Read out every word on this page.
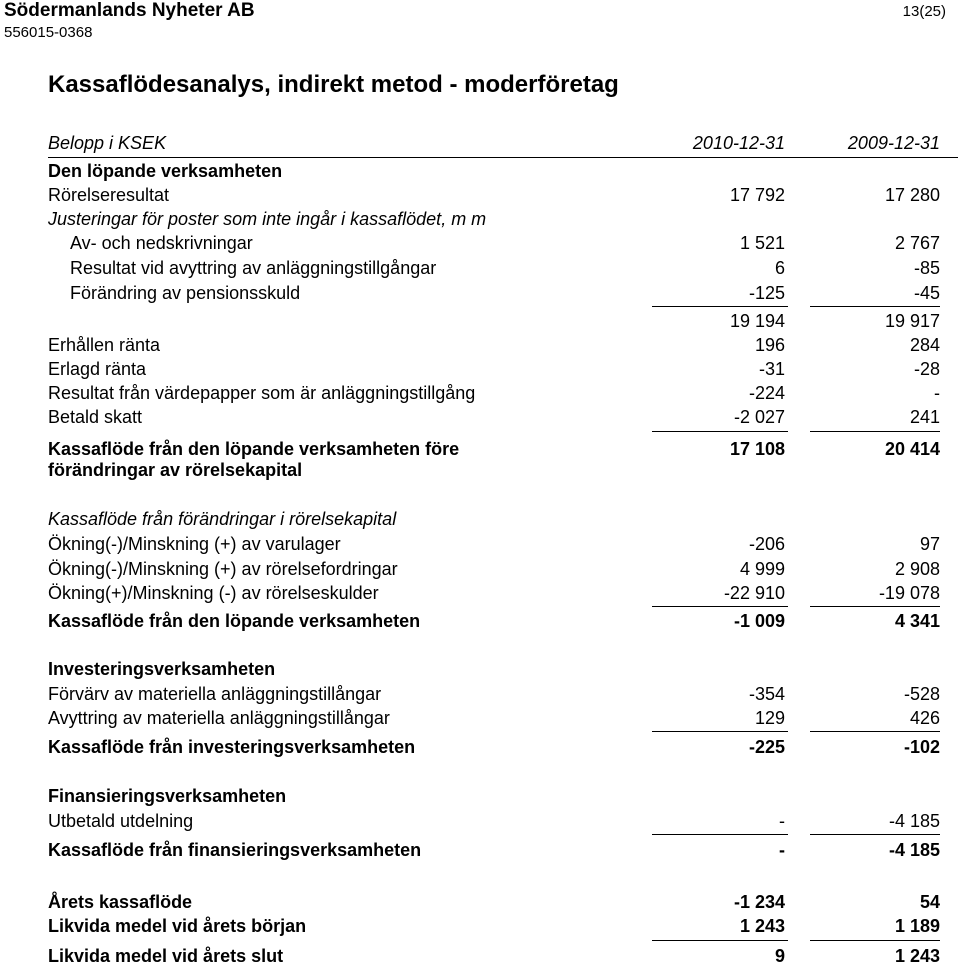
Södermanlands Nyheter AB
556015-0368
13(25)
Kassaflödesanalys, indirekt metod - moderföretag
Belopp i KSEK	2010-12-31	2009-12-31
Den löpande verksamheten
Rörelseresultat	17 792	17 280
Justeringar för poster som inte ingår i kassaflödet, m m
Av- och nedskrivningar	1 521	2 767
Resultat vid avyttring av anläggningstillgångar	6	-85
Förändring av pensionsskuld	-125	-45
19 194	19 917
Erhållen ränta	196	284
Erlagd ränta	-31	-28
Resultat från värdepapper som är anläggningstillgång	-224	-
Betald skatt	-2 027	241
Kassaflöde från den löpande verksamheten före	17 108	20 414
förändringar av rörelsekapital
Kassaflöde från förändringar i rörelsekapital
Ökning(-)/Minskning (+) av varulager	-206	97
Ökning(-)/Minskning (+) av rörelsefordringar	4 999	2 908
Ökning(+)/Minskning (-) av rörelseskulder	-22 910	-19 078
Kassaflöde från den löpande verksamheten	-1 009	4 341
Investeringsverksamheten
Förvärv av materiella anläggningstillångar	-354	-528
Avyttring av materiella anläggningstillångar	129	426
Kassaflöde från investeringsverksamheten	-225	-102
Finansieringsverksamheten
Utbetald utdelning	-	-4 185
Kassaflöde från finansieringsverksamheten	-	-4 185
Årets kassaflöde	-1 234	54
Likvida medel vid årets början	1 243	1 189
Likvida medel vid årets slut	9	1 243
